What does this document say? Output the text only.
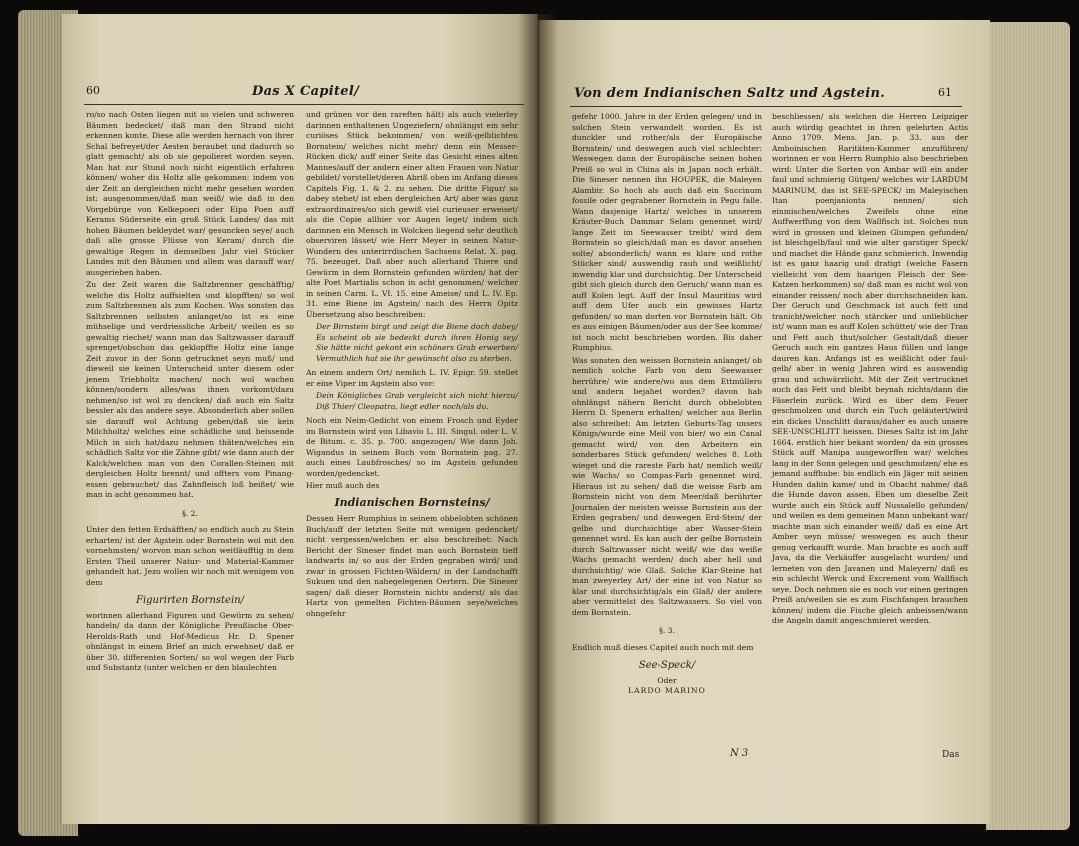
60	Das X Capitel/

ro/so nach Osten liegen mit so vielen und schweren Bäumen bedecket/ daß man den Strand nicht erkennen konte. Diese alle werden hernach von ihrer Schal befreyet/der Aesten beraubet und dadurch so glatt gemacht/ als ob sie gepolieret worden seyen. Man hat zur Stund noch nicht eigentlich erfahren können/ woher dis Holtz alle gekommen: indem von der Zeit an dergleichen nicht mehr gesehen worden ist: ausgenommen/daß man weiß/ wie daß in den Vorgebürge von Kelkepoeri oder Eipa Poen auff Kerams Süderseite ein groß Stück Landes/ das mit hohen Bäumen bekleydet war/ gesuncken seye/ auch daß alle grosse Flüsse von Keram/ durch die gewaltige Regen in demselben Jahr viel Stücker Landes mit den Bäumen und allem was darauff war/ ausgerieben haben.

Zu der Zeit waren die Saltzbrenner geschäfftig/ welche dis Holtz auffsielten und klopfften/ so wol zum Saltzbrennen als zum Kochen. Was sonsten das Saltzbrennen selbsten anlanget/so ist es eine mühselige und verdriessliche Arbeit/ weilen es so gewaltig riechet/ wann man das Saltzwasser darauff sprenget/obschon das geklopffte Holtz eine lange Zeit zuvor in der Sonn getrucknet seyn muß/ und dieweil sie keinen Unterscheid unter diesem oder jenem Triebholtz machen/ noch wol wachen können/sondern alles/was ihnen vorkomt/dazu nehmen/so ist wol zu dencken/ daß auch ein Saltz bessler als das andere seye. Absonderlich aber sollen sie darauff wol Achtung geben/daß sie kein Milchholtz/ welches eine schädliche und beissende Milch in sich hat/dazu nehmen thäten/welches ein schädlich Saltz vor die Zähne gibt/ wie dann auch der Kalck/welchen man von den Corallen-Steinen mit dergleichen Holtz brennt/ und offters vom Pinang-essen gebrauchet/ das Zahnfleisch loß beißet/ wie man in acht genommen hat.

§. 2.

Unter den fetten Erdsäfften/ so endlich auch zu Stein erharten/ ist der Agstein oder Bornstein wol mit den vornehmsten/ worvon man schon weitläufftig in dem Ersten Theil unserer Natur- und Material-Kammer gehandelt hat. Jezo wollen wir noch mit wenigem von dem

Figurirten Bornstein/

worinnen allerhand Figuren und Gewürm zu sehen/ handeln/ da dann der Königliche Preußische Ober-Herolds-Rath und Hof-Medicus Hr. D. Spener ohnlängst in einem Brief an mich erwehnet/ daß er über 30. differenten Sorten/ so wol wegen der Farb und Substantz (unter welchen er den blaulechten

und grünen vor den rareften hält) als auch vielerley darinnen enthaltenen Ungeziefern/ ohnlängst ein sehr curiöses Stück bekommen/ von weiß-gelblichten Bornstein/ welches nicht mehr/ denn ein Messer-Rücken dick/ auff einer Seite das Gesicht eines alten Mannes/auff der andern einer alten Frauen von Natur gebildet/ vorstellet/deren Abriß oben im Anfang dieses Capitels Fig. 1. & 2. zu sehen. Die dritte Figur/ so dabey stehet/ ist eben dergleichen Art/ aber was ganz extraordinaires/so sich gewiß viel curieuser erweiset/ als die Copie allhier vor Augen leget/ indem sich darinnen ein Mensch in Wolcken liegend sehr deutlich observiren lässet/ wie Herr Meyer in seinen Natur-Wundern des unterirrdischen Sachsens Relat. X. pag. 75. bezeuget. Daß aber auch allerhand Thiere und Gewürm in dem Bornstein gefunden würden/ hat der alte Poet Martialis schon in acht genommen/ welcher in seinen Carm. L. VI. 15. eine Ameise/ und L. IV. Ep. 31. eine Biene im Agstein/ nach des Herrn Opitz Übersetzung also beschreiben:

Der Birnstein birgt und zeigt die Biene doch dabey/ Es scheint ob sie bedeckt durch ihren Honig sey/ Sie hätte nicht gekont ein schöners Grab erwerben/ Vermuthlich hat sie ihr gewünscht also zu sterben.

An einem andern Ort/ nemlich L. IV. Epigr. 59. stellet er eine Viper im Agstein also vor:

Dein Königliches Grab vergleicht sich nicht hierzu/ Diß Thier/ Cleopatra, liegt edler noch/als du.

Noch ein Neim-Gedicht von einem Frosch und Eyder im Bornstein wird von Libavio L. III. Singul. oder L. V. de Bitum. c. 35. p. 700. angezogen/ Wie dann Joh. Wigandus in seinem Buch vom Bornstein pag. 27. auch eines Laubfrosches/ so im Agstein gefunden worden/gedencket.

Hier muß auch des

Indianischen Bornsteins/

Dessen Herr Rumphius in seinem obbelobten schönen Buch/auff der letzten Seite mit wenigen gedencket/ nicht vergessen/welchen er also beschreibet: Nach Bericht der Sineser findet man auch Bornstein tieff landwarts in/ so aus der Erden gegraben wird/ und zwar in grossen Fichten-Wäldern/ in der Landschafft Sukuen und den nahegelegenen Oertern. Die Sineser sagen/ daß dieser Bornstein nichts anderst/ als das Hartz von gemelten Fichten-Bäumen seye/welches ohngefehr

Von dem Indianischen Saltz und Agstein.	61

gefehr 1000. Jahre in der Erden gelegen/ und in solchen Stein verwandelt worden. Es ist dunckler und rother/als der Europäische Bornstein/ und deswegen auch viel schlechter: Weswegen dann der Europäische seinen hohen Preiß so wol in China als in Japan noch erhält. Die Sineser nennen ihn HOUPEK, die Maleyen Alambir. So hoch als auch daß ein Succinum fossile oder gegrabener Bornstein in Pegu falle. Wann dasjenige Hartz/ welches in unserem Kräuter-Buch Dammar Selam genennet wird/ lange Zeit im Seewasser treibt/ wird dem Bornstein so gleich/daß man es davor ansehen solte/ absonderlich/ wann es klare und rothe Stücker sind/ auswendig rauh und weißlicht/ inwendig klar und durchsichtig. Der Unterscheid gibt sich gleich durch den Geruch/ wann man es auff Kolen legt. Auff der Insul Mauritius wird auff dem Ufer auch ein gewisses Hartz gefunden/ so man dorten vor Bornstein hält. Ob es aus einigen Bäumen/oder aus der See komme/ ist noch nicht beschrieben worden. Bis daher Rumphius.

Was sonsten den weissen Bornstein anlanget/ ob nemlich solche Farb von dem Seewasser herrühre/ wie andere/wo aus dem Ettmüllero und andern bejahet worden? davon hab ohnlängst nähern Bericht durch obbelobten Herrn D. Spenern erhalten/ welcher aus Berlin also schreibet: Am letzten Geburts-Tag unsers Königs/wurde eine Meil von hier/ wo ein Canal gemacht wird/ von den Arbeitern ein sonderbares Stück gefunden/ welches 8. Loth wieget und die rareste Farb hat/ nemlich weiß/ wie Wachs/ so Compas-Farb genennet wird. Hieraus ist zu sehen/ daß die weisse Farb am Bornstein nicht von dem Meer/daß berührter Journalen der meisten weisse Bornstein aus der Erden gegraben/ und deswegen Erd-Stein/ der gelbe und durchsichtige aber Wasser-Stein genennet wird. Es kan auch der gelbe Bornstein durch Saltzwasser nicht weiß/ wie das weiße Wachs gemacht werden/ doch aber hell und durchsichtig/ wie Glaß. Solche Klar-Steine hat man zweyerley Art/ der eine ist von Natur so klar und durchsichtig/als ein Glaß/ der andere aber vermittelst des Saltzwassers. So viel von dem Bornstein.

§. 3.

Endlich muß dieses Capitel auch noch mit dem

See-Speck/
Oder
LARDO MARINO

beschliessen/ als welchen die Herren Leipziger auch würdig geachtet in ihren gelehrten Actis Anno 1709. Mens. Jan. p. 33. aus der Amboinischen Raritäten-Kammer anzuführen/ worinnen er von Herrn Rumphio also beschrieben wird: Unter die Sorten von Ambar will ein ander faul und schmierig Gütgen/ welches wir LARDUM MARINUM, das ist SEE-SPECK/ im Maleyischen Itan poenjanionta nennen/ sich einmischen/welches Zweifels ohne eine Auffwerffung von dem Wallfisch ist. Solches nun wird in grossen und kleinen Glumpen gefunden/ ist bleichgelb/faul und wie alter garstiger Speck/ und machet die Hände ganz schmierich. Inwendig ist es ganz haarig und dratigt (welche Fasern vielleicht von dem haarigen Fleisch der See-Katzen herkommen) so/ daß man es nicht wol von einander reissen/ noch aber durchschneiden kan. Der Geruch und Geschmack ist auch fett und tranicht/welcher noch stärcker und unlieblicher ist/ wann man es auff Kolen schüttet/ wie der Tran und Fett auch thut/solcher Gestalt/daß dieser Geruch auch ein gantzes Haus füllen und lange dauren kan. Anfangs ist es weißlicht oder faul-gelb/ aber in wenig Jahren wird es auswendig grau und schwärzlicht. Mit der Zeit vertrucknet auch das Fett und bleibt beynah nichts/dann die Fäserlein zurück. Wird es über dem Feuer geschmolzen und durch ein Tuch geläutert/wird ein dickes Unschlitt daraus/daher es auch unsere SEE-UNSCHLITT heissen. Dieses Saltz ist im Jahr 1664. erstlich hier bekant worden/ da ein grosses Stück auff Manipa ausgeworffen war/ welches lang in der Sonn gelegen und geschmolzen/ ehe es jemand auffhube: bis endlich ein Jäger mit seinen Hunden dahin kame/ und in Obacht nahme/ daß die Hunde davon assen. Eben um dieselbe Zeit wurde auch ein Stück auff Nussalello gefunden/ und weilen es dem gemeinen Mann unbekant war/ machte man sich einander weiß/ daß es eine Art Amber seyn müsse/ weswegen es auch theur genug verkaufft wurde. Man brachte es auch auff Java, da die Verkäuffer ausgelacht wurden/ und lerneten von den Javanen und Maleyern/ daß es ein schlecht Werck und Excrement vom Wallfisch seye. Doch nehmen sie es noch vor einen geringen Preiß an/weilen sie es zum Fischfangen brauchen können/ indem die Fische gleich anbeissen/wann die Angeln damit angeschmieret werden.

N 3	Das
